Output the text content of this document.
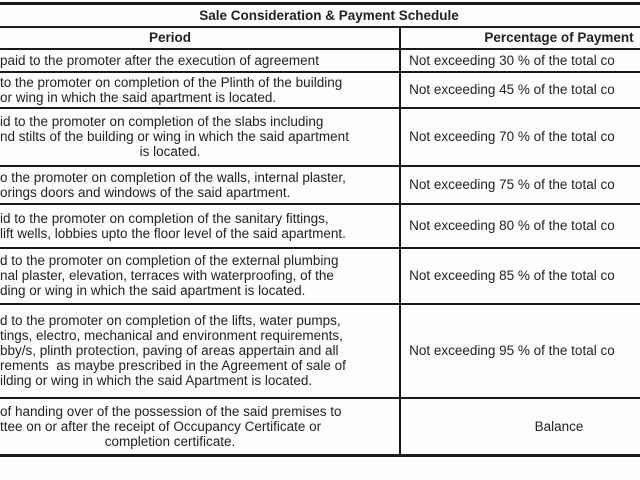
Sale Consideration & Payment Schedule	
Period	Percentage of Payment

paid to the promoter after the execution of agreement	Not exceeding 30 % of the total co

to the promoter on completion of the Plinth of the building
or wing in which the said apartment is located.	Not exceeding 45 % of the total co

id to the promoter on completion of the slabs including
nd stilts of the building or wing in which the said apartment
is located.	Not exceeding 70 % of the total co

o the promoter on completion of the walls, internal plaster,
orings doors and windows of the said apartment.	Not exceeding 75 % of the total co

id to the promoter on completion of the sanitary fittings,
lift wells, lobbies upto the floor level of the said apartment.	Not exceeding 80 % of the total co

d to the promoter on completion of the external plumbing
nal plaster, elevation, terraces with waterproofing, of the
ding or wing in which the said apartment is located.	Not exceeding 85 % of the total co

d to the promoter on completion of the lifts, water pumps,
tings, electro, mechanical and environment requirements,
bby/s, plinth protection, paving of areas appertain and all
rements  as maybe prescribed in the Agreement of sale of
ilding or wing in which the said Apartment is located.	Not exceeding 95 % of the total co

of handing over of the possession of the said premises to
ttee on or after the receipt of Occupancy Certificate or
completion certificate.	Balance
